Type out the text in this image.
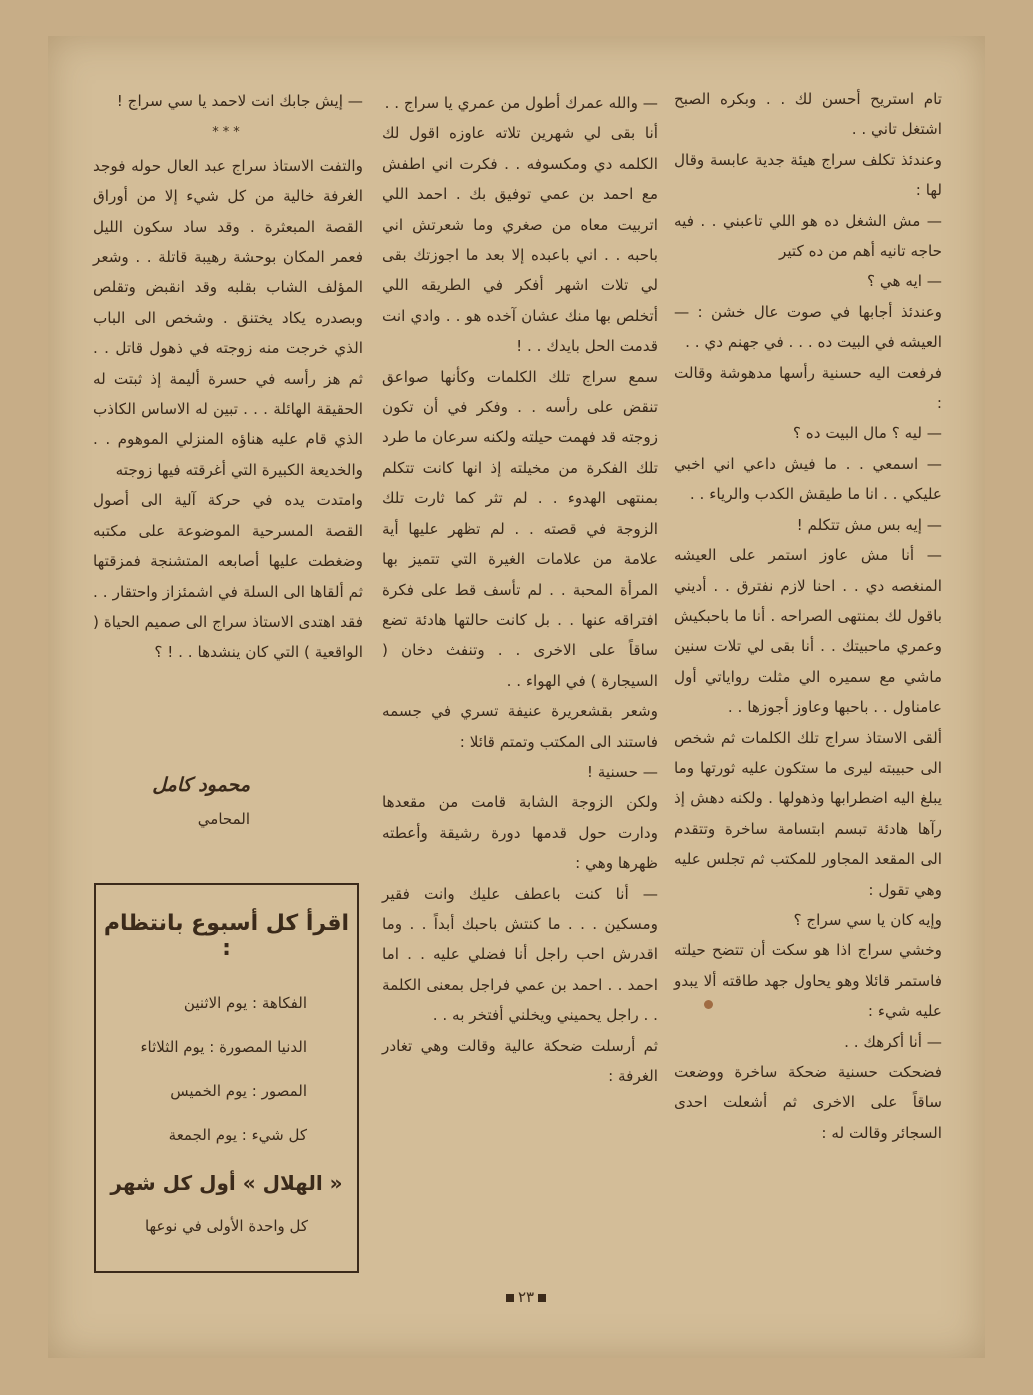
تام استريح أحسن لك . . وبكره الصبح اشتغل تاني . .

وعندئذ تكلف سراج هيئة جدية عابسة وقال لها :

— مش الشغل ده هو اللي تاعبني . . فيه حاجه تانيه أهم من ده كتير

— ايه هي ؟

وعندئذ أجابها في صوت عال خشن : — العيشه في البيت ده . . . في جهنم دي . .

فرفعت اليه حسنية رأسها مدهوشة وقالت :

— ليه ؟ مال البيت ده ؟

— اسمعي . . ما فيش داعي اني اخبي عليكي . . انا ما طيقش الكدب والرياء . .

— إيه بس مش تتكلم !

— أنا مش عاوز استمر على العيشه المنغصه دي . . احنا لازم نفترق . . أديني باقول لك بمنتهى الصراحه . أنا ما باحبكيش وعمري ماحبيتك . . أنا بقى لي تلات سنين ماشي مع سميره الي مثلت رواياتي أول عامناول . . باحبها وعاوز أجوزها . .

ألقى الاستاذ سراج تلك الكلمات ثم شخص الى حبيبته ليرى ما ستكون عليه ثورتها وما يبلغ اليه اضطرابها وذهولها . ولكنه دهش إذ رآها هادئة تبسم ابتسامة ساخرة وتتقدم الى المقعد المجاور للمكتب ثم تجلس عليه وهي تقول :

وإيه كان يا سي سراج ؟

وخشي سراج اذا هو سكت أن تتضح حيلته فاستمر قائلا وهو يحاول جهد طاقته ألا يبدو عليه شيء :

— أنا أكرهك . .

فضحكت حسنية ضحكة ساخرة ووضعت ساقاً على الاخرى ثم أشعلت احدى السجائر وقالت له :

— والله عمرك أطول من عمري يا سراج . .

أنا بقى لي شهرين تلاته عاوزه اقول لك الكلمه دي ومكسوفه . . فكرت اني اطفش مع احمد بن عمي توفيق بك . احمد اللي اتربيت معاه من صغري وما شعرتش اني باحبه . . اني باعبده إلا بعد ما اجوزتك بقى لي تلات اشهر أفكر في الطريقه اللي أتخلص بها منك عشان آخده هو . . وادي انت قدمت الحل بايدك . . !

سمع سراج تلك الكلمات وكأنها صواعق تنقض على رأسه . . وفكر في أن تكون زوجته قد فهمت حيلته ولكنه سرعان ما طرد تلك الفكرة من مخيلته إذ انها كانت تتكلم بمنتهى الهدوء . . لم تثر كما ثارت تلك الزوجة في قصته . . لم تظهر عليها أية علامة من علامات الغيرة التي تتميز بها المرأة المحبة . . لم تأسف قط على فكرة افتراقه عنها . . بل كانت حالتها هادئة تضع ساقاً على الاخرى . . وتنفث دخان ( السيجارة ) في الهواء . .

وشعر بقشعريرة عنيفة تسري في جسمه فاستند الى المكتب وتمتم قائلا :

— حسنية !

ولكن الزوجة الشابة قامت من مقعدها ودارت حول قدمها دورة رشيقة وأعطته ظهرها وهي :

— أنا كنت باعطف عليك وانت فقير ومسكين . . . ما كنتش باحبك أبداً . . وما اقدرش احب راجل أنا فضلي عليه . . اما احمد . . احمد بن عمي فراجل بمعنى الكلمة . . راجل يحميني ويخلني أفتخر به . .

ثم أرسلت ضحكة عالية وقالت وهي تغادر الغرفة :

— إيش جابك انت لاحمد يا سي سراج !

***

والتفت الاستاذ سراج عبد العال حوله فوجد الغرفة خالية من كل شيء إلا من أوراق القصة المبعثرة . وقد ساد سكون الليل فعمر المكان بوحشة رهيبة قاتلة . . وشعر المؤلف الشاب بقلبه وقد انقبض وتقلص وبصدره يكاد يختنق . وشخص الى الباب الذي خرجت منه زوجته في ذهول قاتل . . ثم هز رأسه في حسرة أليمة إذ ثبتت له الحقيقة الهائلة . . . تبين له الاساس الكاذب الذي قام عليه هناؤه المنزلي الموهوم . . والخديعة الكبيرة التي أغرقته فيها زوجته

وامتدت يده في حركة آلية الى أصول القصة المسرحية الموضوعة على مكتبه وضغطت عليها أصابعه المتشنجة فمزقتها ثم ألقاها الى السلة في اشمئزاز واحتقار . . فقد اهتدى الاستاذ سراج الى صميم الحياة ( الواقعية ) التي كان ينشدها . . ! ؟

محمود كامل
المحامي
اقرأ كل أسبوع بانتظام :
الفكاهة : يوم الاثنين
الدنيا المصورة : يوم الثلاثاء
المصور : يوم الخميس
كل شيء : يوم الجمعة
« الهلال » أول كل شهر
كل واحدة الأولى في نوعها
٢٣
